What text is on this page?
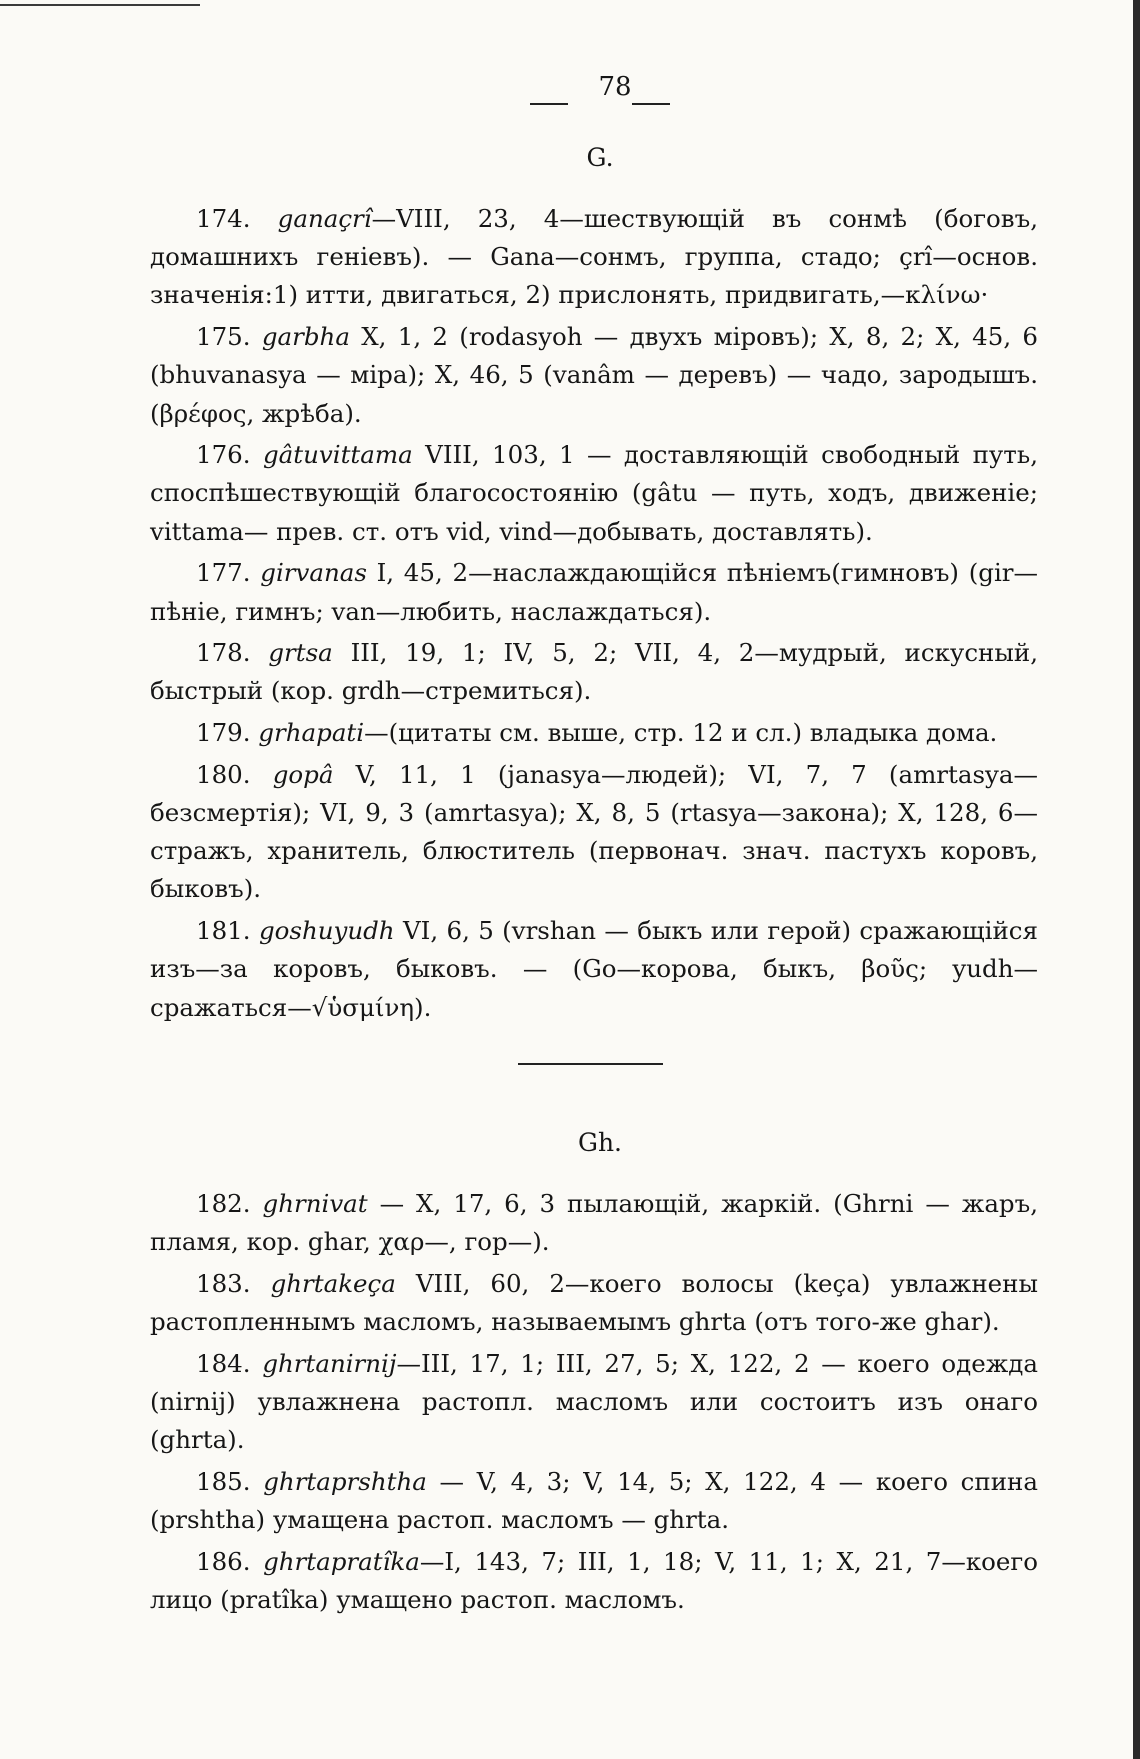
78
G.

174. ganaçrî—VIII, 23, 4—шествующій въ сонмѣ (боговъ, домашнихъ геніевъ). — Gana—сонмъ, группа, стадо; çrî—основ. значенія:1) итти, двигаться, 2) прислонять, придвигать,—κλίνω·

175. garbha X, 1, 2 (rodasyoh — двухъ міровъ); X, 8, 2; X, 45, 6 (bhuvanasya — міра); X, 46, 5 (vanâm — деревъ) — чадо, зародышъ. (βρέφος, жрѣба).

176. gâtuvittama VIII, 103, 1 — доставляющій свободный путь, споспѣшествующій благосостоянію (gâtu — путь, ходъ, движеніе; vittama— прев. ст. отъ vid, vind—добывать, доставлять).

177. girvanas I, 45, 2—наслаждающійся пѣніемъ(гимновъ) (gir—пѣніе, гимнъ; van—любить, наслаждаться).

178. grtsa III, 19, 1; IV, 5, 2; VII, 4, 2—мудрый, искусный, быстрый (кор. grdh—стремиться).

179. grhapati—(цитаты см. выше, стр. 12 и сл.) владыка дома.

180. gopâ V, 11, 1 (janasya—людей); VI, 7, 7 (amrtasya—безсмертія); VI, 9, 3 (amrtasya); X, 8, 5 (rtasya—закона); X, 128, 6—стражъ, хранитель, блюститель (первонач. знач. пастухъ коровъ, быковъ).

181. goshuyudh VI, 6, 5 (vrshan — быкъ или герой) сражающійся изъ—за коровъ, быковъ. — (Go—корова, быкъ, βοῦς; yudh—сражаться—√ὑσμίνη).

Gh.

182. ghrnivat — X, 17, 6, 3 пылающій, жаркій. (Ghrni — жаръ, пламя, кор. ghar, χαρ—, гор—).

183. ghrtakeça VIII, 60, 2—коего волосы (keça) увлажнены растопленнымъ масломъ, называемымъ ghrta (отъ того-же ghar).

184. ghrtanirnij—III, 17, 1; III, 27, 5; X, 122, 2 — коего одежда (nirnij) увлажнена растопл. масломъ или состоитъ изъ онаго (ghrta).

185. ghrtaprshtha — V, 4, 3; V, 14, 5; X, 122, 4 — коего спина (prshtha) умащена растоп. масломъ — ghrta.

186. ghrtapratîka—I, 143, 7; III, 1, 18; V, 11, 1; X, 21, 7—коего лицо (pratîka) умащено растоп. масломъ.
